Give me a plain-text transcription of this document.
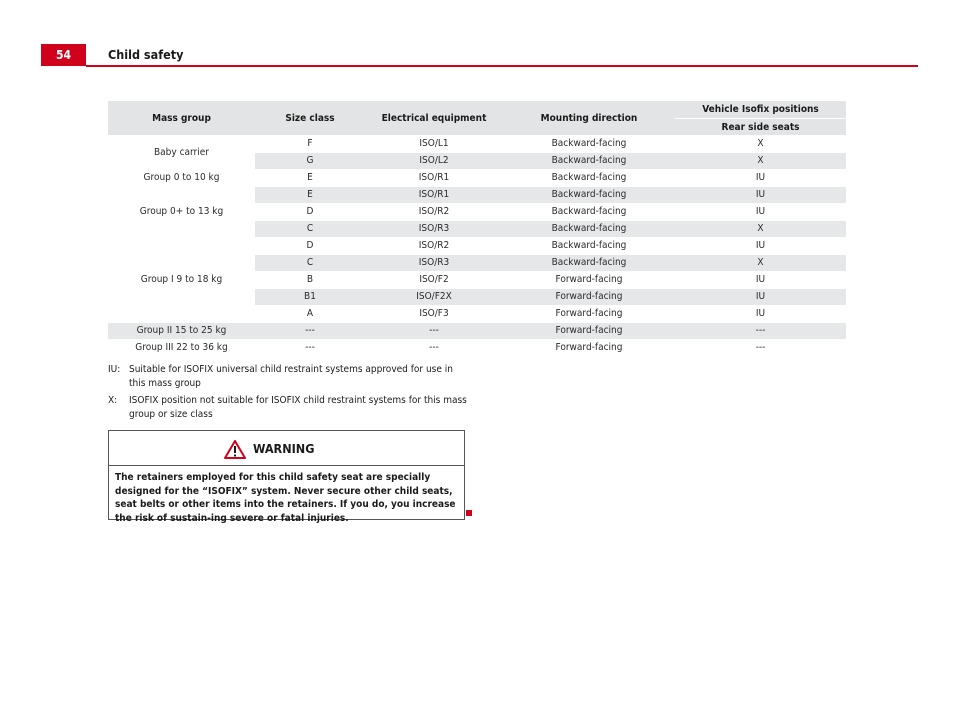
54	Child safety
Mass group	Size class	Electrical equipment	Mounting direction	Vehicle Isofix positions
				Rear side seats
Baby carrier	F	ISO/L1	Backward-facing	X
	G	ISO/L2	Backward-facing	X
Group 0 to 10 kg	E	ISO/R1	Backward-facing	IU
Group 0+ to 13 kg	E	ISO/R1	Backward-facing	IU
	D	ISO/R2	Backward-facing	IU
	C	ISO/R3	Backward-facing	X
Group I 9 to 18 kg	D	ISO/R2	Backward-facing	IU
	C	ISO/R3	Backward-facing	X
	B	ISO/F2	Forward-facing	IU
	B1	ISO/F2X	Forward-facing	IU
	A	ISO/F3	Forward-facing	IU
Group II 15 to 25 kg	---	---	Forward-facing	---
Group III 22 to 36 kg	---	---	Forward-facing	---
IU: Suitable for ISOFIX universal child restraint systems approved for use in this mass group
X:	ISOFIX position not suitable for ISOFIX child restraint systems for this mass group or size class
WARNING
The retainers employed for this child safety seat are specially designed for the “ISOFIX” system. Never secure other child seats, seat belts or other items into the retainers. If you do, you increase the risk of sustain-ing severe or fatal injuries.
